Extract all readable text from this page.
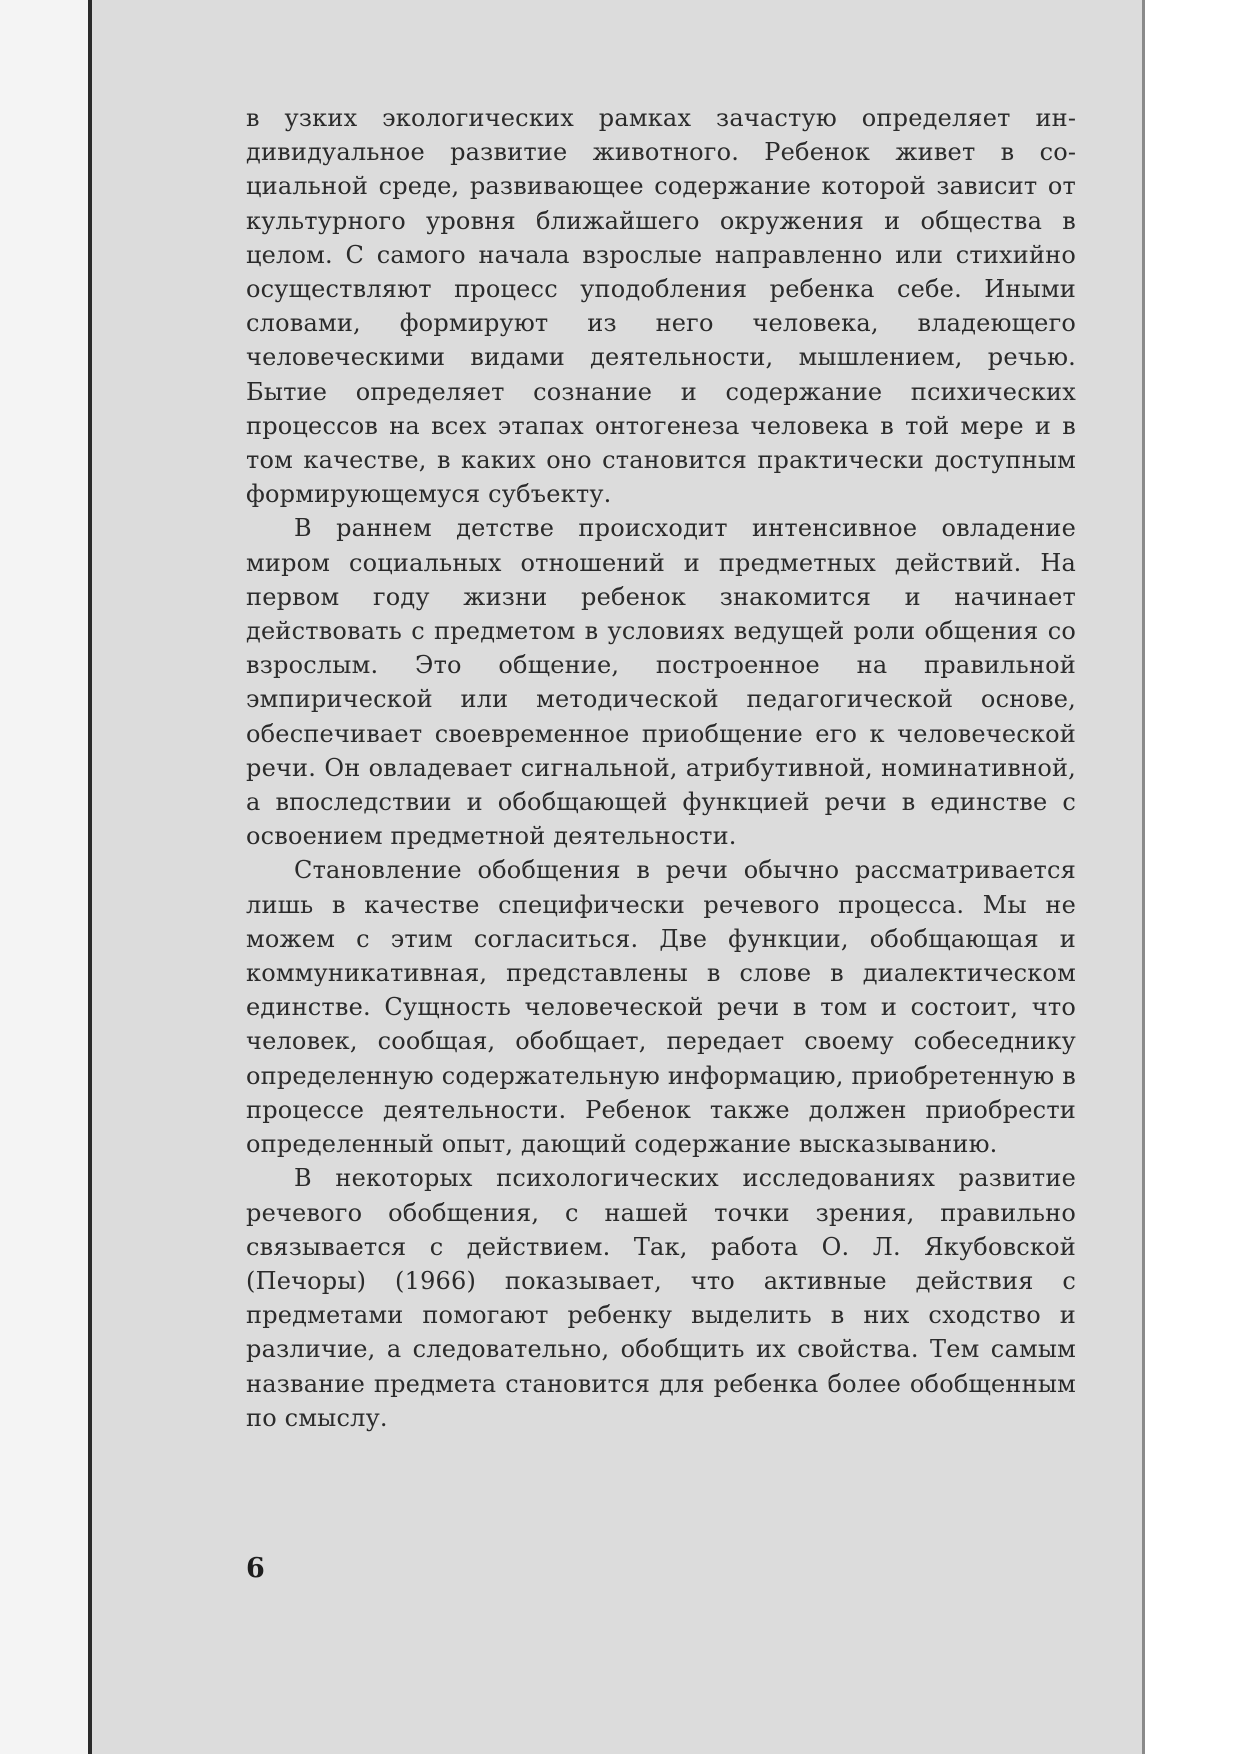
в узких экологических рамках зачастую определяет индивидуальное развитие животного. Ребенок живет в социальной среде, развивающее содержание которой зависит от культурного уровня ближайшего окружения и общества в целом. С самого начала взрослые направленно или стихийно осуществляют процесс уподобления ребенка себе. Иными словами, формируют из него человека, владеющего человеческими видами деятельности, мышлением, речью. Бытие определяет сознание и содержание психических процессов на всех этапах онтогенеза человека в той мере и в том качестве, в каких оно становится практически доступным формирующемуся субъекту.

В раннем детстве происходит интенсивное овладение миром социальных отношений и предметных действий. На первом году жизни ребенок знакомится и начинает действовать с предметом в условиях ведущей роли общения со взрослым. Это общение, построенное на правильной эмпирической или методической педагогической основе, обеспечивает своевременное приобщение его к человеческой речи. Он овладевает сигнальной, атрибутивной, номинативной, а впоследствии и обобщающей функцией речи в единстве с освоением предметной деятельности.

Становление обобщения в речи обычно рассматривается лишь в качестве специфически речевого процесса. Мы не можем с этим согласиться. Две функции, обобщающая и коммуникативная, представлены в слове в диалектическом единстве. Сущность человеческой речи в том и состоит, что человек, сообщая, обобщает, передает своему собеседнику определенную содержательную информацию, приобретенную в процессе деятельности. Ребенок также должен приобрести определенный опыт, дающий содержание высказыванию.

В некоторых психологических исследованиях развитие речевого обобщения, с нашей точки зрения, правильно связывается с действием. Так, работа О. Л. Якубовской (Печоры) (1966) показывает, что активные действия с предметами помогают ребенку выделить в них сходство и различие, а следовательно, обобщить их свойства. Тем самым название предмета становится для ребенка более обобщенным по смыслу.

6
